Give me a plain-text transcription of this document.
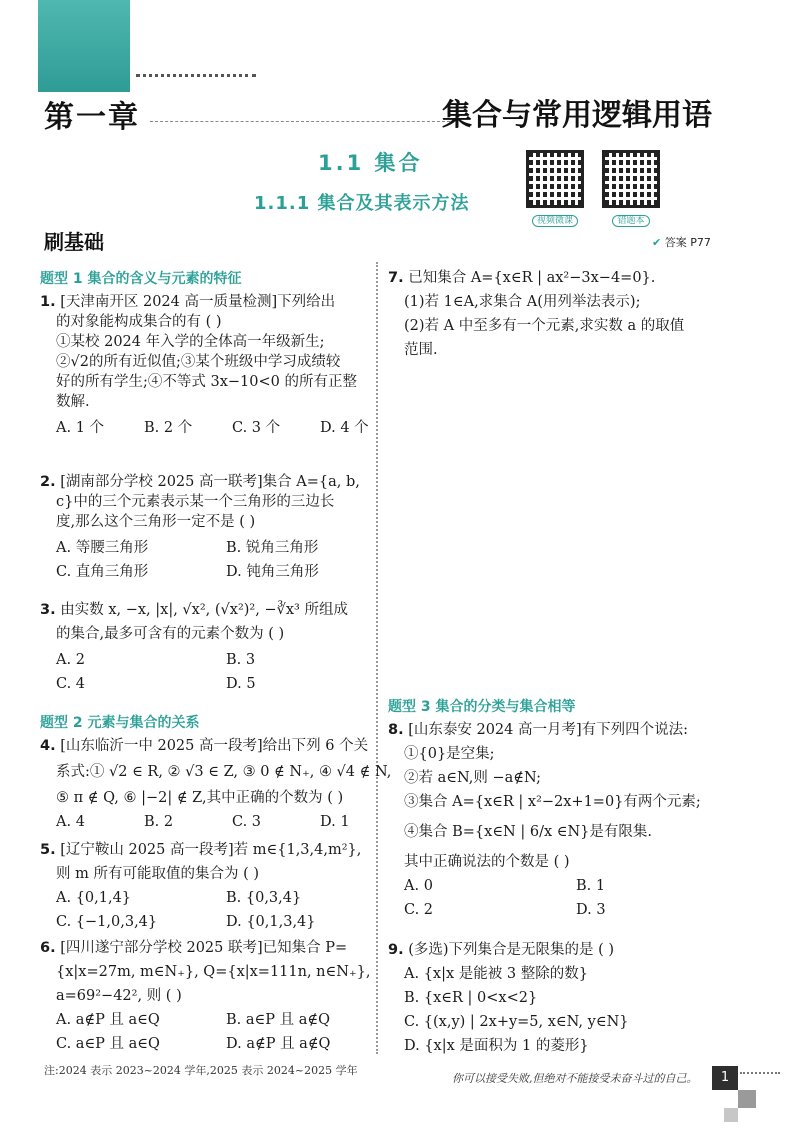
第一章	集合与常用逻辑用语
1.1 集合
1.1.1 集合及其表示方法
视频微课	错题本
刷基础	✔ 答案 P77
题型 1 集合的含义与元素的特征
1. [天津南开区 2024 高一质量检测]下列给出
的对象能构成集合的有 ( )
①某校 2024 年入学的全体高一年级新生;
②√2的所有近似值;③某个班级中学习成绩较
好的所有学生;④不等式 3x−10<0 的所有正整
数解.
A. 1 个	B. 2 个	C. 3 个	D. 4 个
2. [湖南部分学校 2025 高一联考]集合 A={a, b,
c}中的三个元素表示某一个三角形的三边长
度,那么这个三角形一定不是 ( )
A. 等腰三角形	B. 锐角三角形
C. 直角三角形	D. 钝角三角形
3. 由实数 x, −x, |x|, √x², (√x²)², −∛x³ 所组成
的集合,最多可含有的元素个数为 ( )
A. 2	B. 3
C. 4	D. 5
题型 2 元素与集合的关系
4. [山东临沂一中 2025 高一段考]给出下列 6 个关
系式:① √2 ∈ R, ② √3 ∈ Z, ③ 0 ∉ N₊, ④ √4 ∉ N,
⑤ π ∉ Q, ⑥ |−2| ∉ Z,其中正确的个数为 ( )
A. 4	B. 2	C. 3	D. 1
5. [辽宁鞍山 2025 高一段考]若 m∈{1,3,4,m²},
则 m 所有可能取值的集合为 ( )
A. {0,1,4}	B. {0,3,4}
C. {−1,0,3,4}	D. {0,1,3,4}
6. [四川遂宁部分学校 2025 联考]已知集合 P=
{x|x=27m, m∈N₊}, Q={x|x=111n, n∈N₊},
a=69²−42², 则 ( )
A. a∉P 且 a∈Q	B. a∈P 且 a∉Q
C. a∈P 且 a∈Q	D. a∉P 且 a∉Q
注:2024 表示 2023~2024 学年,2025 表示 2024~2025 学年
7. 已知集合 A={x∈R | ax²−3x−4=0}.
(1)若 1∈A,求集合 A(用列举法表示);
(2)若 A 中至多有一个元素,求实数 a 的取值
范围.
题型 3 集合的分类与集合相等
8. [山东泰安 2024 高一月考]有下列四个说法:
①{0}是空集;
②若 a∈N,则 −a∉N;
③集合 A={x∈R | x²−2x+1=0}有两个元素;
④集合 B={x∈N | 6/x ∈N}是有限集.
其中正确说法的个数是 ( )
A. 0	B. 1
C. 2	D. 3
9. (多选)下列集合是无限集的是 ( )
A. {x|x 是能被 3 整除的数}
B. {x∈R | 0<x<2}
C. {(x,y) | 2x+y=5, x∈N, y∈N}
D. {x|x 是面积为 1 的菱形}
你可以接受失败,但绝对不能接受未奋斗过的自己。	1
